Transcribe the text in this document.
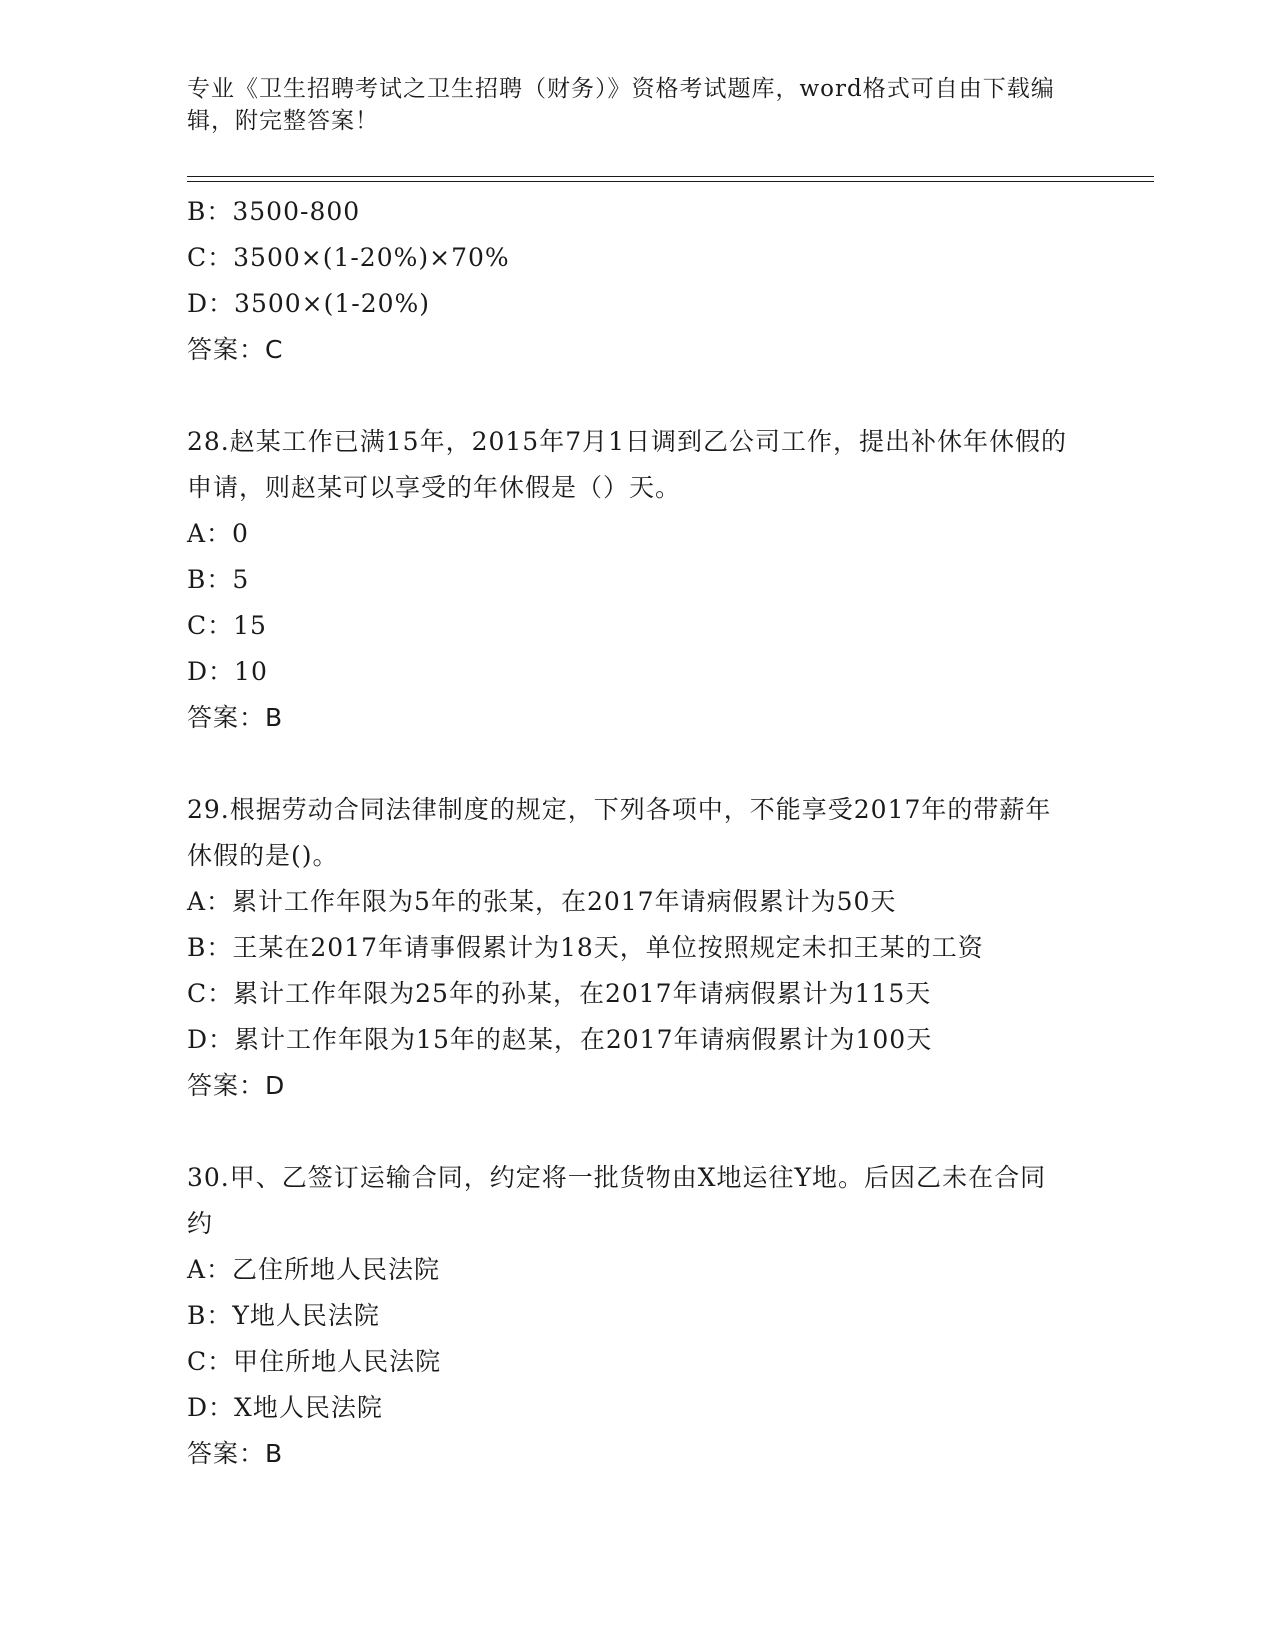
专业《卫生招聘考试之卫生招聘（财务）》资格考试题库，word格式可自由下载编辑，附完整答案！
B：3500-800
C：3500×(1-20%)×70%
D：3500×(1-20%)
答案：C
28.赵某工作已满15年，2015年7月1日调到乙公司工作，提出补休年休假的申请，则赵某可以享受的年休假是（）天。
A：0
B：5
C：15
D：10
答案：B
29.根据劳动合同法律制度的规定，下列各项中，不能享受2017年的带薪年休假的是()。
A：累计工作年限为5年的张某，在2017年请病假累计为50天
B：王某在2017年请事假累计为18天，单位按照规定未扣王某的工资
C：累计工作年限为25年的孙某，在2017年请病假累计为115天
D：累计工作年限为15年的赵某，在2017年请病假累计为100天
答案：D
30.甲、乙签订运输合同，约定将一批货物由X地运往Y地。后因乙未在合同约
A：乙住所地人民法院
B：Y地人民法院
C：甲住所地人民法院
D：X地人民法院
答案：B
